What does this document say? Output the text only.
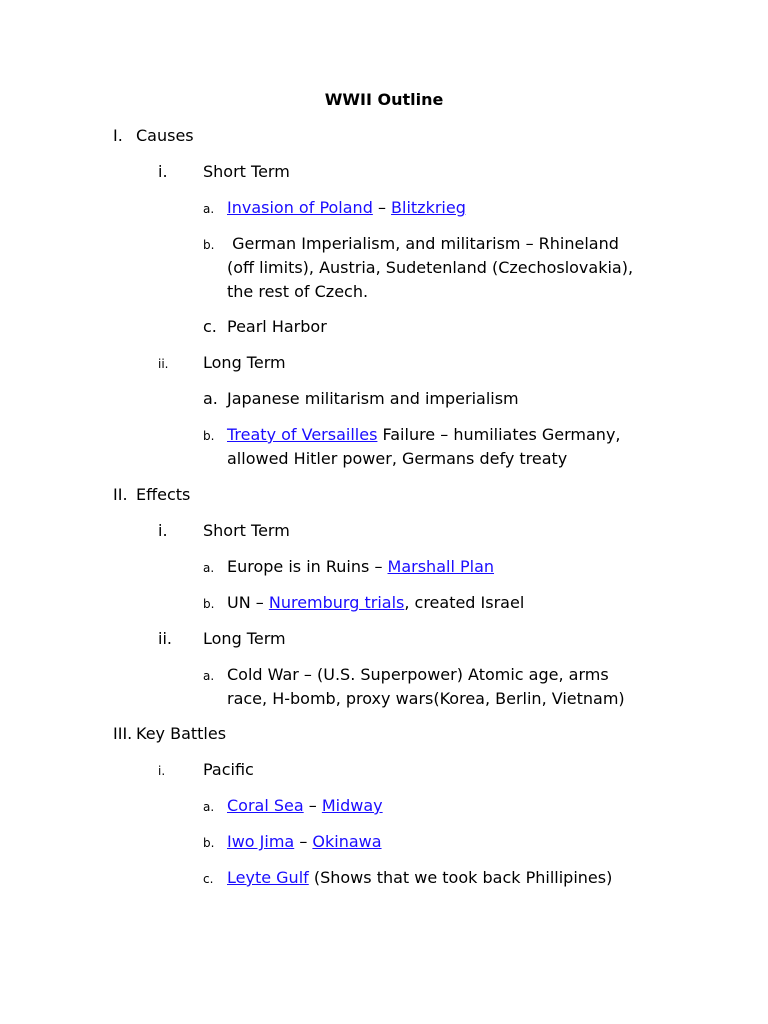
WWII Outline
I. Causes
i. Short Term
a. Invasion of Poland – Blitzkrieg
b. German Imperialism, and militarism – Rhineland
(off limits), Austria, Sudetenland (Czechoslovakia),
the rest of Czech.
c. Pearl Harbor
ii. Long Term
a. Japanese militarism and imperialism
b. Treaty of Versailles Failure – humiliates Germany,
allowed Hitler power, Germans defy treaty
II. Effects
i. Short Term
a. Europe is in Ruins – Marshall Plan
b. UN – Nuremburg trials, created Israel
ii. Long Term
a. Cold War – (U.S. Superpower) Atomic age, arms
race, H-bomb, proxy wars(Korea, Berlin, Vietnam)
III. Key Battles
i. Pacific
a. Coral Sea – Midway
b. Iwo Jima – Okinawa
c. Leyte Gulf (Shows that we took back Phillipines)
